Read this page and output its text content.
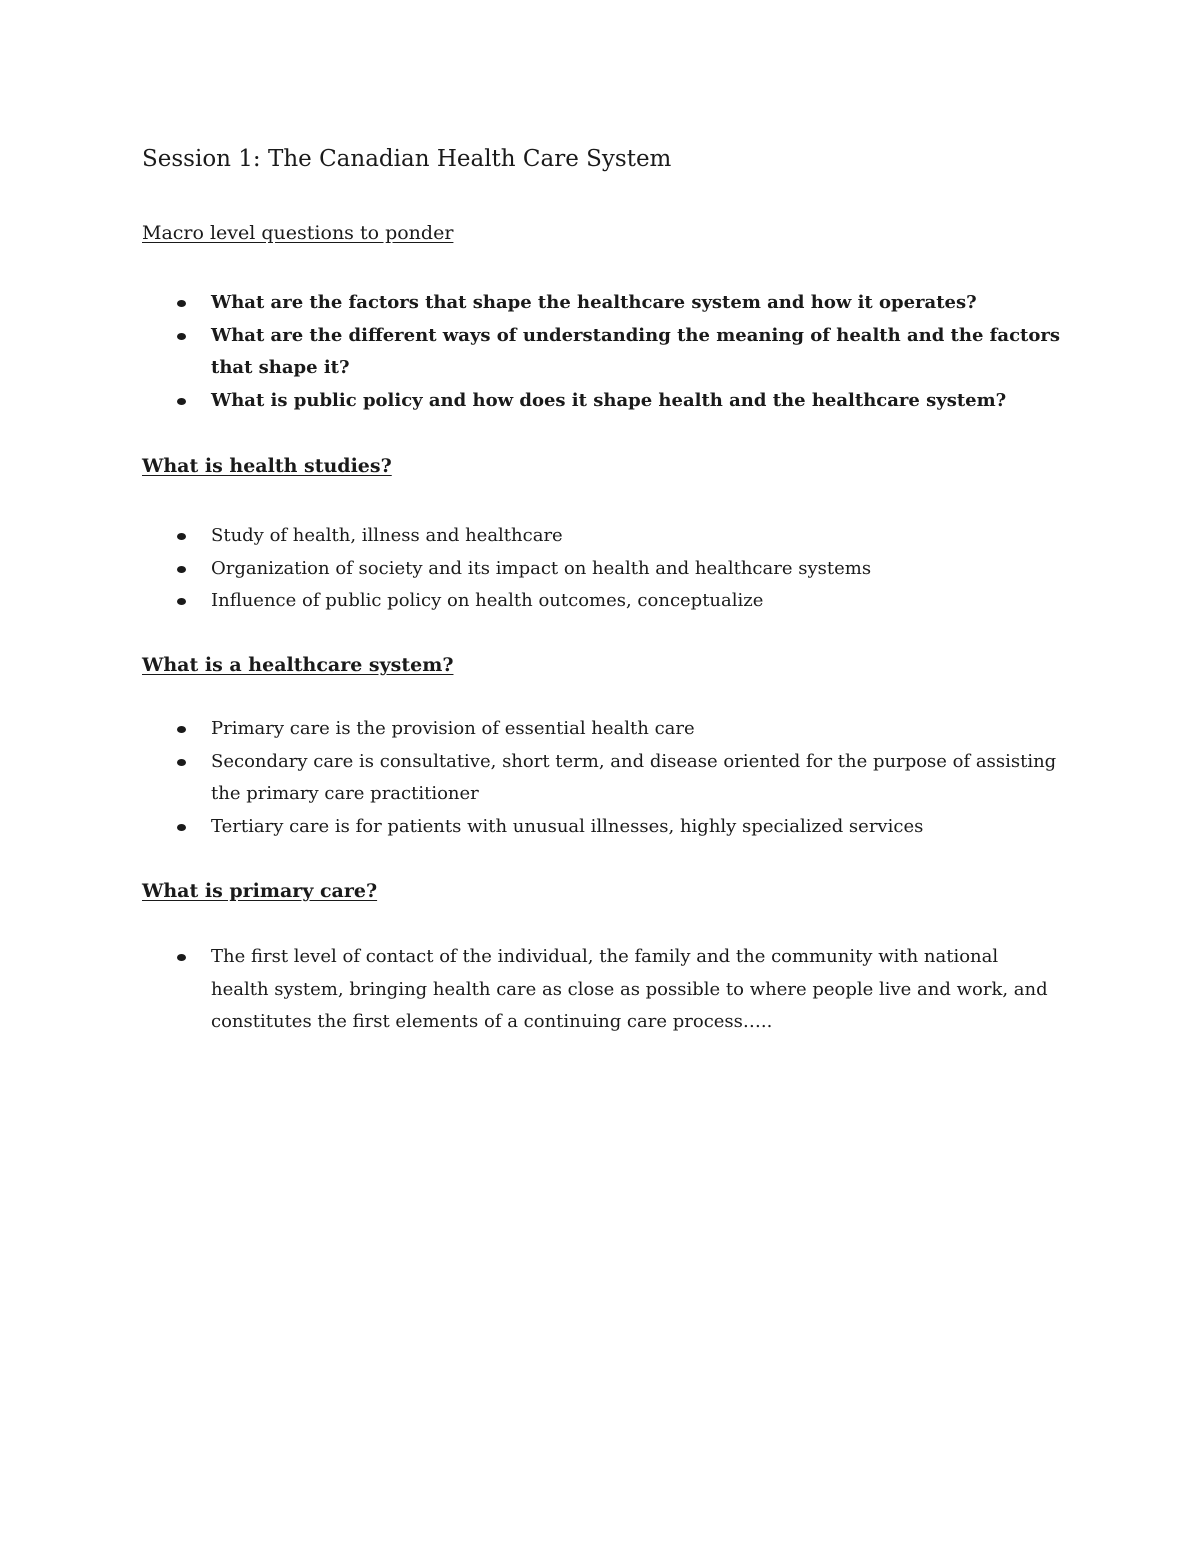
Session 1: The Canadian Health Care System
Macro level questions to ponder
What are the factors that shape the healthcare system and how it operates?
What are the different ways of understanding the meaning of health and the factors that shape it?
What is public policy and how does it shape health and the healthcare system?
What is health studies?
Study of health, illness and healthcare
Organization of society and its impact on health and healthcare systems
Influence of public policy on health outcomes, conceptualize
What is a healthcare system?
Primary care is the provision of essential health care
Secondary care is consultative, short term, and disease oriented for the purpose of assisting the primary care practitioner
Tertiary care is for patients with unusual illnesses, highly specialized services
What is primary care?
The first level of contact of the individual, the family and the community with national health system, bringing health care as close as possible to where people live and work, and constitutes the first elements of a continuing care process…..
